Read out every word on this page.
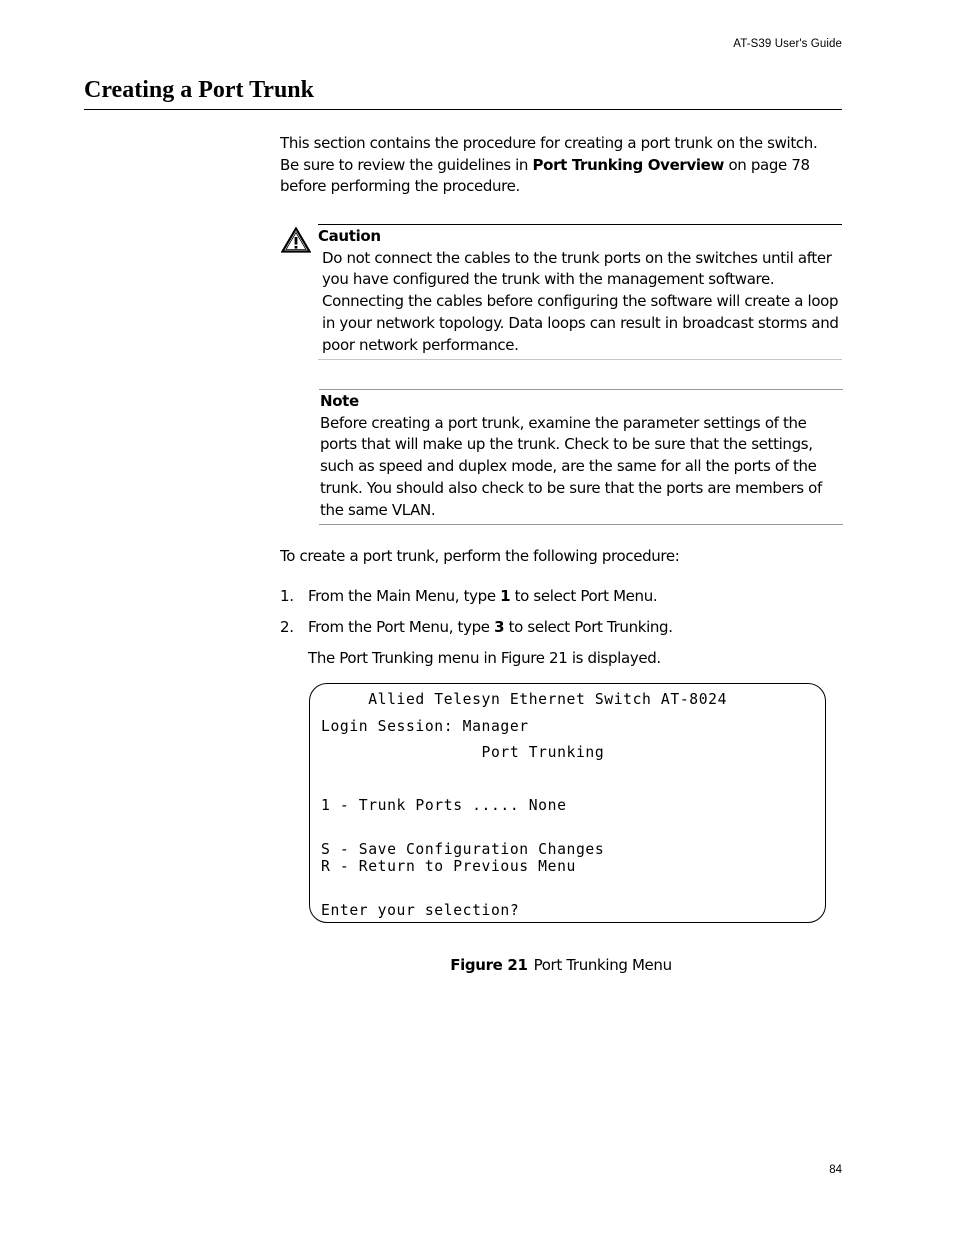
AT-S39 User's Guide
Creating a Port Trunk

This section contains the procedure for creating a port trunk on the switch. Be sure to review the guidelines in Port Trunking Overview on page 78 before performing the procedure.

Caution
Do not connect the cables to the trunk ports on the switches until after you have configured the trunk with the management software. Connecting the cables before configuring the software will create a loop in your network topology. Data loops can result in broadcast storms and poor network performance.
Note
Before creating a port trunk, examine the parameter settings of the ports that will make up the trunk. Check to be sure that the settings, such as speed and duplex mode, are the same for all the ports of the trunk. You should also check to be sure that the ports are members of the same VLAN.

To create a port trunk, perform the following procedure:

1. From the Main Menu, type 1 to select Port Menu.

2. From the Port Menu, type 3 to select Port Trunking.

The Port Trunking menu in Figure 21 is displayed.

Allied Telesyn Ethernet Switch AT-8024
Login Session: Manager
Port Trunking
1 - Trunk Ports ..... None
S - Save Configuration Changes
R - Return to Previous Menu
Enter your selection?

Figure 21 Port Trunking Menu

84
